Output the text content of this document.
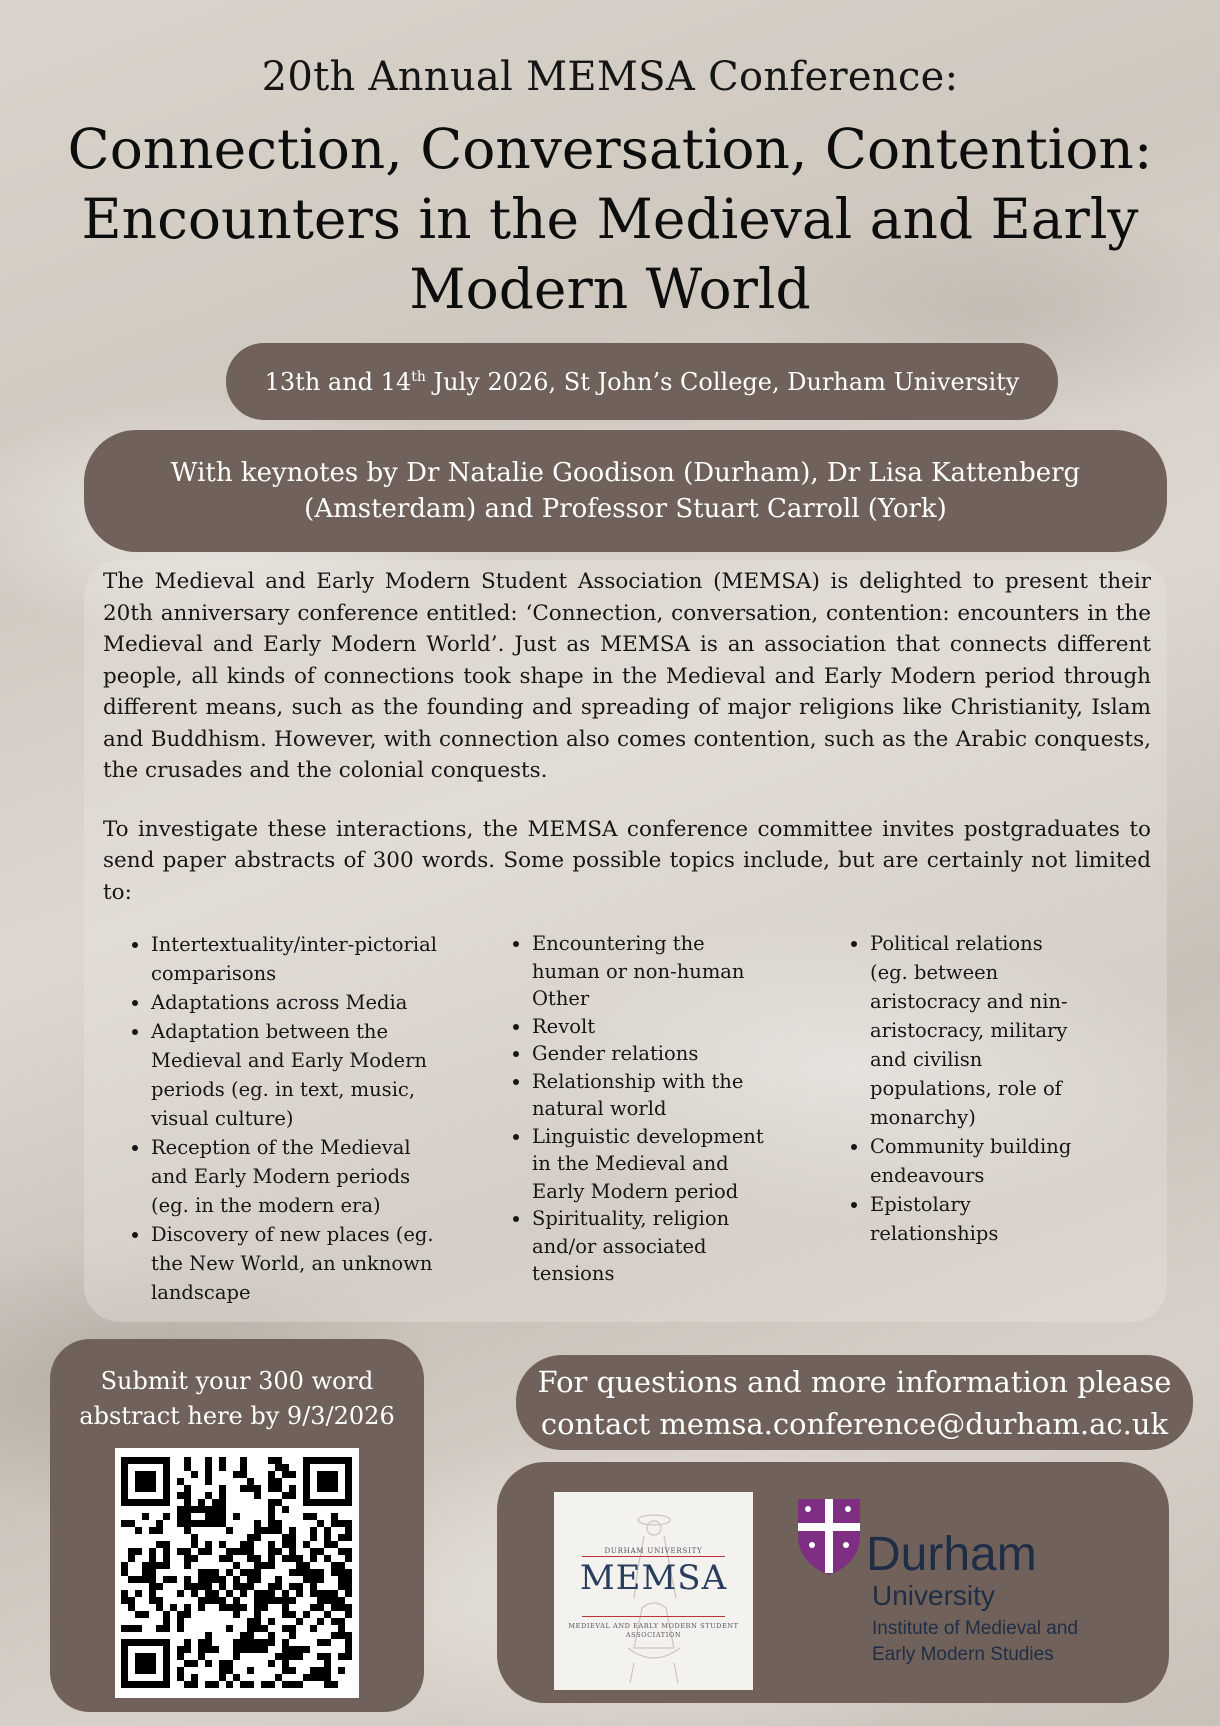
20th Annual MEMSA Conference:
Connection, Conversation, Contention:
Encounters in the Medieval and Early
Modern World
13th and 14th July 2026, St John’s College, Durham University
With keynotes by Dr Natalie Goodison (Durham), Dr Lisa Kattenberg
(Amsterdam) and Professor Stuart Carroll (York)

The Medieval and Early Modern Student Association (MEMSA) is delighted to present their 20th anniversary conference entitled: ‘Connection, conversation, contention: encounters in the Medieval and Early Modern World’. Just as MEMSA is an association that connects different people, all kinds of connections took shape in the Medieval and Early Modern period through different means, such as the founding and spreading of major religions like Christianity, Islam and Buddhism. However, with connection also comes contention, such as the Arabic conquests, the crusades and the colonial conquests.

To investigate these interactions, the MEMSA conference committee invites postgraduates to send paper abstracts of 300 words. Some possible topics include, but are certainly not limited to:

• Intertextuality/inter-pictorial comparisons
• Adaptations across Media
• Adaptation between the Medieval and Early Modern periods (eg. in text, music, visual culture)
• Reception of the Medieval and Early Modern periods (eg. in the modern era)
• Discovery of new places (eg. the New World, an unknown landscape
• Encountering the human or non-human Other
• Revolt
• Gender relations
• Relationship with the natural world
• Linguistic development in the Medieval and Early Modern period
• Spirituality, religion and/or associated tensions
• Political relations (eg. between aristocracy and nin-aristocracy, military and civilisn populations, role of monarchy)
• Community building endeavours
• Epistolary relationships
Submit your 300 word
abstract here by 9/3/2026
For questions and more information please
contact memsa.conference@durham.ac.uk
DURHAM UNIVERSITY
MEMSA
MEDIEVAL AND EARLY MODERN STUDENT ASSOCIATION
Durham
University
Institute of Medieval and
Early Modern Studies
